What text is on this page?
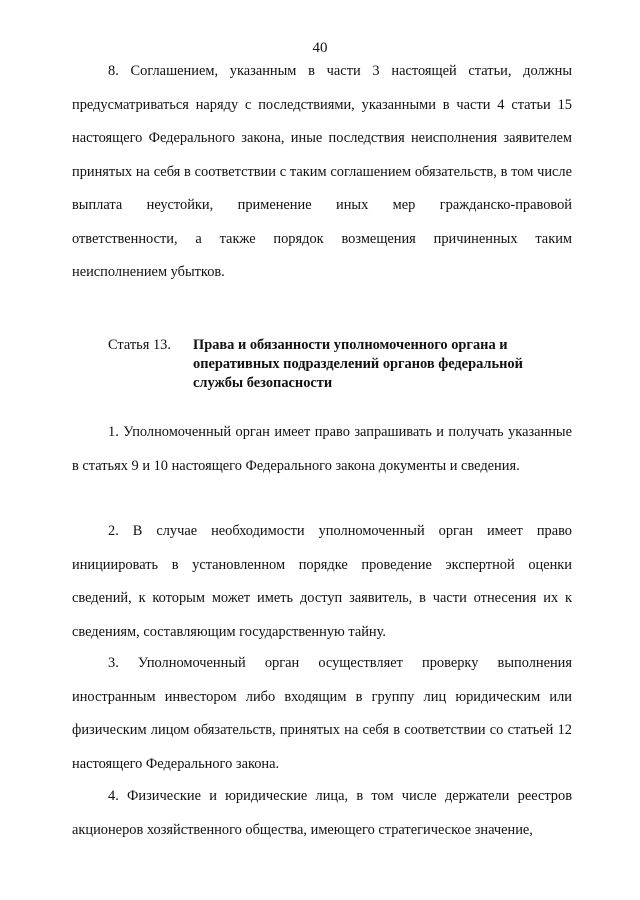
40

8. Соглашением, указанным в части 3 настоящей статьи, должны предусматриваться наряду с последствиями, указанными в части 4 статьи 15 настоящего Федерального закона, иные последствия неисполнения заявителем принятых на себя в соответствии с таким соглашением обязательств, в том числе выплата неустойки, применение иных мер гражданско-правовой ответственности, а также порядок возмещения причиненных таким неисполнением убытков.

Статья 13. Права и обязанности уполномоченного органа и оперативных подразделений органов федеральной службы безопасности

1. Уполномоченный орган имеет право запрашивать и получать указанные в статьях 9 и 10 настоящего Федерального закона документы и сведения.

2. В случае необходимости уполномоченный орган имеет право инициировать в установленном порядке проведение экспертной оценки сведений, к которым может иметь доступ заявитель, в части отнесения их к сведениям, составляющим государственную тайну.

3. Уполномоченный орган осуществляет проверку выполнения иностранным инвестором либо входящим в группу лиц юридическим или физическим лицом обязательств, принятых на себя в соответствии со статьей 12 настоящего Федерального закона.

4. Физические и юридические лица, в том числе держатели реестров акционеров хозяйственного общества, имеющего стратегическое значение,
